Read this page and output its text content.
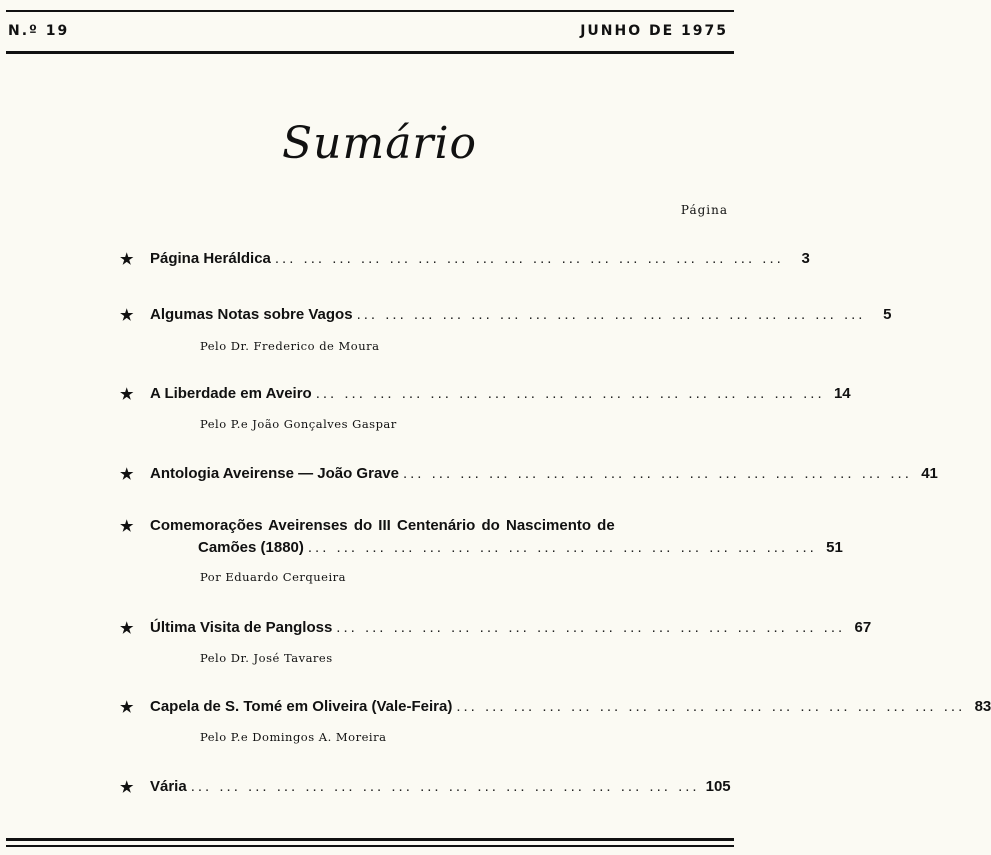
N.º 19	JUNHO DE 1975
Sumário
Página
★ Página Heráldica ... ... ... ... ... ... ... ... ... ... ... ... ... ... ... ... ... ...	3
★ Algumas Notas sobre Vagos ... ... ... ... ... ... ... ... ... ... ... ... ... ... ... ... ... ...	5
Pelo Dr. Frederico de Moura
★ A Liberdade em Aveiro ... ... ... ... ... ... ... ... ... ... ... ... ... ... ... ... ... ... 14
Pelo P.e João Gonçalves Gaspar
★ Antologia Aveirense — João Grave ... ... ... ... ... ... ... ... ... ... ... ... ... ... ... ... ... ... 41
★ Comemorações Aveirenses do III Centenário do Nascimento de
Camões (1880) ... ... ... ... ... ... ... ... ... ... ... ... ... ... ... ... ... ... 51
Por Eduardo Cerqueira
★ Última Visita de Pangloss ... ... ... ... ... ... ... ... ... ... ... ... ... ... ... ... ... ... 67
Pelo Dr. José Tavares
★ Capela de S. Tomé em Oliveira (Vale-Feira) ... ... ... ... ... ... ... ... ... ... ... ... ... ... ... ... ... ... 83
Pelo P.e Domingos A. Moreira
★ Vária ... ... ... ... ... ... ... ... ... ... ... ... ... ... ... ... ... ... 105
